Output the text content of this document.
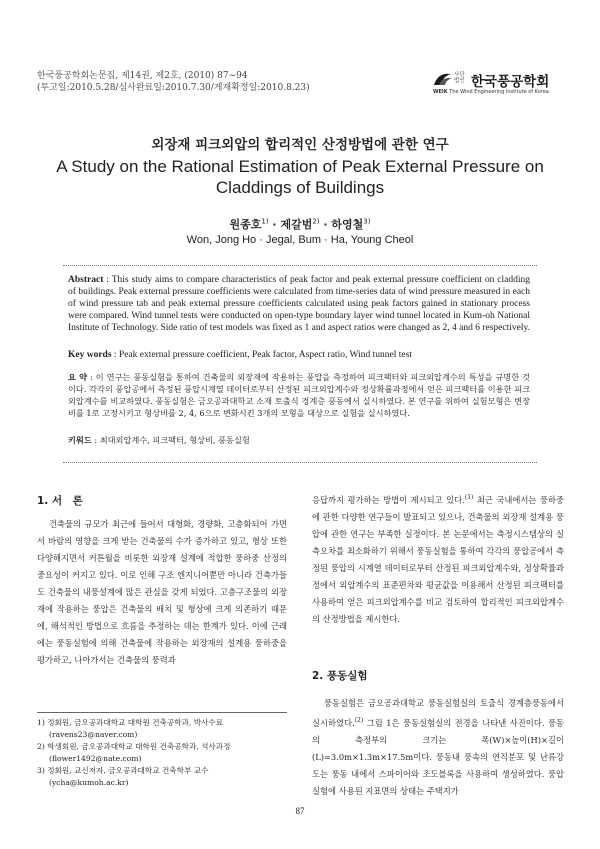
한국풍공학회논문집, 제14권, 제2호, (2010) 87~94
(투고일:2010.5.28/심사완료일:2010.7.30/게재확정일:2010.8.23)
사단 법인 한국풍공학회
WEIK The Wind Engineering Institute of Korea
외장재 피크외압의 합리적인 산정방법에 관한 연구
A Study on the Rational Estimation of Peak External Pressure on Claddings of Buildings
원종호$^{1)}$ · 제갈범$^{2)}$ · 하영철$^{3)}$
Won, Jong Ho · Jegal, Bum · Ha, Young Cheol
Abstract : This study aims to compare characteristics of peak factor and peak external pressure coefficient on cladding of buildings. Peak external pressure coefficients were calculated from time-series data of wind pressure measured in each of wind pressure tab and peak external pressure coefficients calculated using peak factors gained in stationary process were compared. Wind tunnel tests were conducted on open-type boundary layer wind tunnel located in Kum-oh National Institute of Technology. Side ratio of test models was fixed as 1 and aspect ratios were changed as 2, 4 and 6 respectively.
Key words : Peak external pressure coefficient, Peak factor, Aspect ratio, Wind tunnel test
요 약 : 이 연구는 풍동실험을 통하여 건축물의 외장재에 작용하는 풍압을 측정하여 피크팩터와 피크외압계수의 특성을 규명한 것이다. 각각의 풍압공에서 측정된 풍압시계열 데이터로부터 산정된 피크외압계수와 정상확률과정에서 얻은 피크팩터를 이용한 피크외압계수를 비교하였다. 풍동실험은 금오공과대학교 소재 토출식 경계층 풍동에서 실시하였다. 본 연구를 위하여 실험모형은 변장비를 1로 고정시키고 형상비를 2, 4, 6으로 변화시킨 3개의 모형을 대상으로 실험을 실시하였다.
키워드 : 최대외압계수, 피크팩터, 형상비, 풍동실험
1. 서　론
건축물의 규모가 최근에 들어서 대형화, 경량화, 고층화되어 가면서 바람의 영향을 크게 받는 건축물의 수가 증가하고 있고, 형상 또한 다양해지면서 커튼월을 비롯한 외장재 설계에 적합한 풍하중 산정의 중요성이 커지고 있다. 이로 인해 구조 엔지니어뿐만 아니라 건축가들도 건축물의 내풍설계에 많은 관심을 갖게 되었다. 고층구조물의 외장재에 작용하는 풍압은 건축물의 배치 및 형상에 크게 의존하기 때문에, 해석적인 방법으로 흐름을 추정하는 데는 한계가 있다. 이에 근래에는 풍동실험에 의해 건축물에 작용하는 외장재의 설계용 풍하중을 평가하고, 나아가서는 건축물의 풍력과
1) 정회원, 금오공과대학교 대학원 건축공학과, 박사수료
(ravens23@naver.com)
2) 학생회원, 금오공과대학교 대학원 건축공학과, 석사과정
(flower1492@nate.com)
3) 정회원, 교신저자, 금오공과대학교 건축학부 교수
(ycha@kumoh.ac.kr)
응답까지 평가하는 방법이 제시되고 있다.$^{(1)}$ 최근 국내에서는 풍하중에 관한 다양한 연구들이 발표되고 있으나, 건축물의 외장재 설계용 풍압에 관한 연구는 부족한 실정이다. 본 논문에서는 측정시스템상의 실측오차를 최소화하기 위해서 풍동실험을 통하여 각각의 풍압공에서 측정된 풍압의 시계열 데이터로부터 산정된 피크외압계수와, 정상확률과정에서 외압계수의 표준편차와 평균값을 이용해서 산정된 피크팩터를 사용하여 얻은 피크외압계수를 비교 검토하여 합리적인 피크외압계수의 산정방법을 제시한다.
2. 풍동실험
풍동실험은 금오공과대학교 풍동실험실의 토출식 경계층풍동에서 실시하였다.$^{(2)}$ 그림 1은 풍동실험실의 전경을 나타낸 사진이다. 풍동의 측정부의 크기는 폭(W)×높이(H)×길이(L)=3.0m×1.3m×17.5m이다. 풍동내 풍속의 연직분포 및 난류강도는 풍동 내에서 스파이어와 조도블록을 사용하여 생성하였다. 풍압실험에 사용된 지표면의 상태는 주택지가
87
